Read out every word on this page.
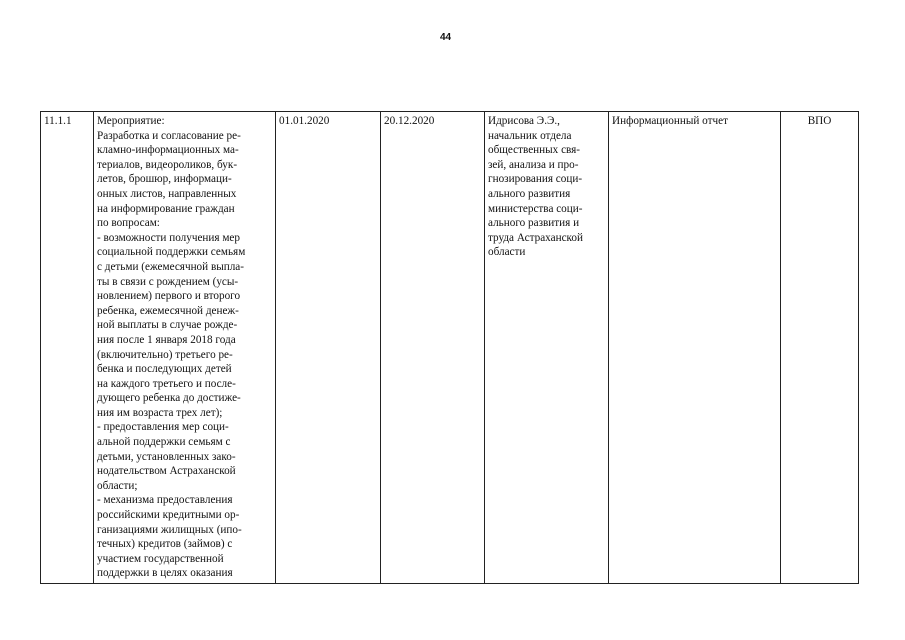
44
11.1.1	Мероприятие:
Разработка и согласование ре-
кламно-информационных ма-
териалов, видеороликов, бук-
летов, брошюр, информаци-
онных листов, направленных
на информирование граждан
по вопросам:
- возможности получения мер
социальной поддержки семьям
с детьми (ежемесячной выпла-
ты в связи с рождением (усы-
новлением) первого и второго
ребенка, ежемесячной денеж-
ной выплаты в случае рожде-
ния после 1 января 2018 года
(включительно) третьего ре-
бенка и последующих детей
на каждого третьего и после-
дующего ребенка до достиже-
ния им возраста трех лет);
- предоставления мер соци-
альной поддержки семьям с
детьми, установленных зако-
нодательством Астраханской
области;
- механизма предоставления
российскими кредитными ор-
ганизациями жилищных (ипо-
течных) кредитов (займов) с
участием государственной
поддержки в целях оказания
	01.01.2020	20.12.2020	Идрисова Э.Э.,
начальник отдела
общественных свя-
зей, анализа и про-
гнозирования соци-
ального развития
министерства соци-
ального развития и
труда Астраханской
области
	Информационный отчет	ВПО
